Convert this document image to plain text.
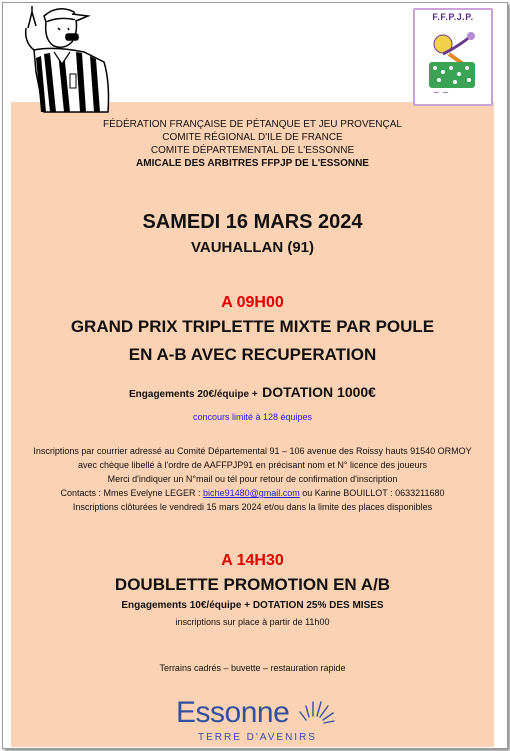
F.F.P.J.P.
~ ~
FÉDÉRATION FRANÇAISE DE PÉTANQUE ET JEU PROVENÇAL
COMITE RÉGIONAL D'ILE DE FRANCE
COMITE DÉPARTEMENTAL DE L'ESSONNE
AMICALE DES ARBITRES FFPJP DE L'ESSONNE
SAMEDI 16 MARS 2024
VAUHALLAN (91)
A 09H00
GRAND PRIX TRIPLETTE MIXTE PAR POULE
EN A-B AVEC RECUPERATION
Engagements 20€/équipe + DOTATION 1000€
concours limité à 128 équipes
Inscriptions par courrier adressé au Comité Départemental 91 – 106 avenue des Roissy hauts 91540 ORMOY
avec chèque libellé à l'ordre de AAFFPJP91 en précisant nom et N° licence des joueurs
Merci d'indiquer un N°mail ou tél pour retour de confirmation d'inscription
Contacts : Mmes Evelyne LEGER : biche91480@gmail.com ou Karine BOUILLOT : 0633211680
Inscriptions clôturées le vendredi 15 mars 2024 et/ou dans la limite des places disponibles
A 14H30
DOUBLETTE PROMOTION EN A/B
Engagements 10€/équipe + DOTATION 25% DES MISES
inscriptions sur place à partir de 11h00
Terrains cadrés – buvette – restauration rapide
Essonne
TERRE D'AVENIRS
